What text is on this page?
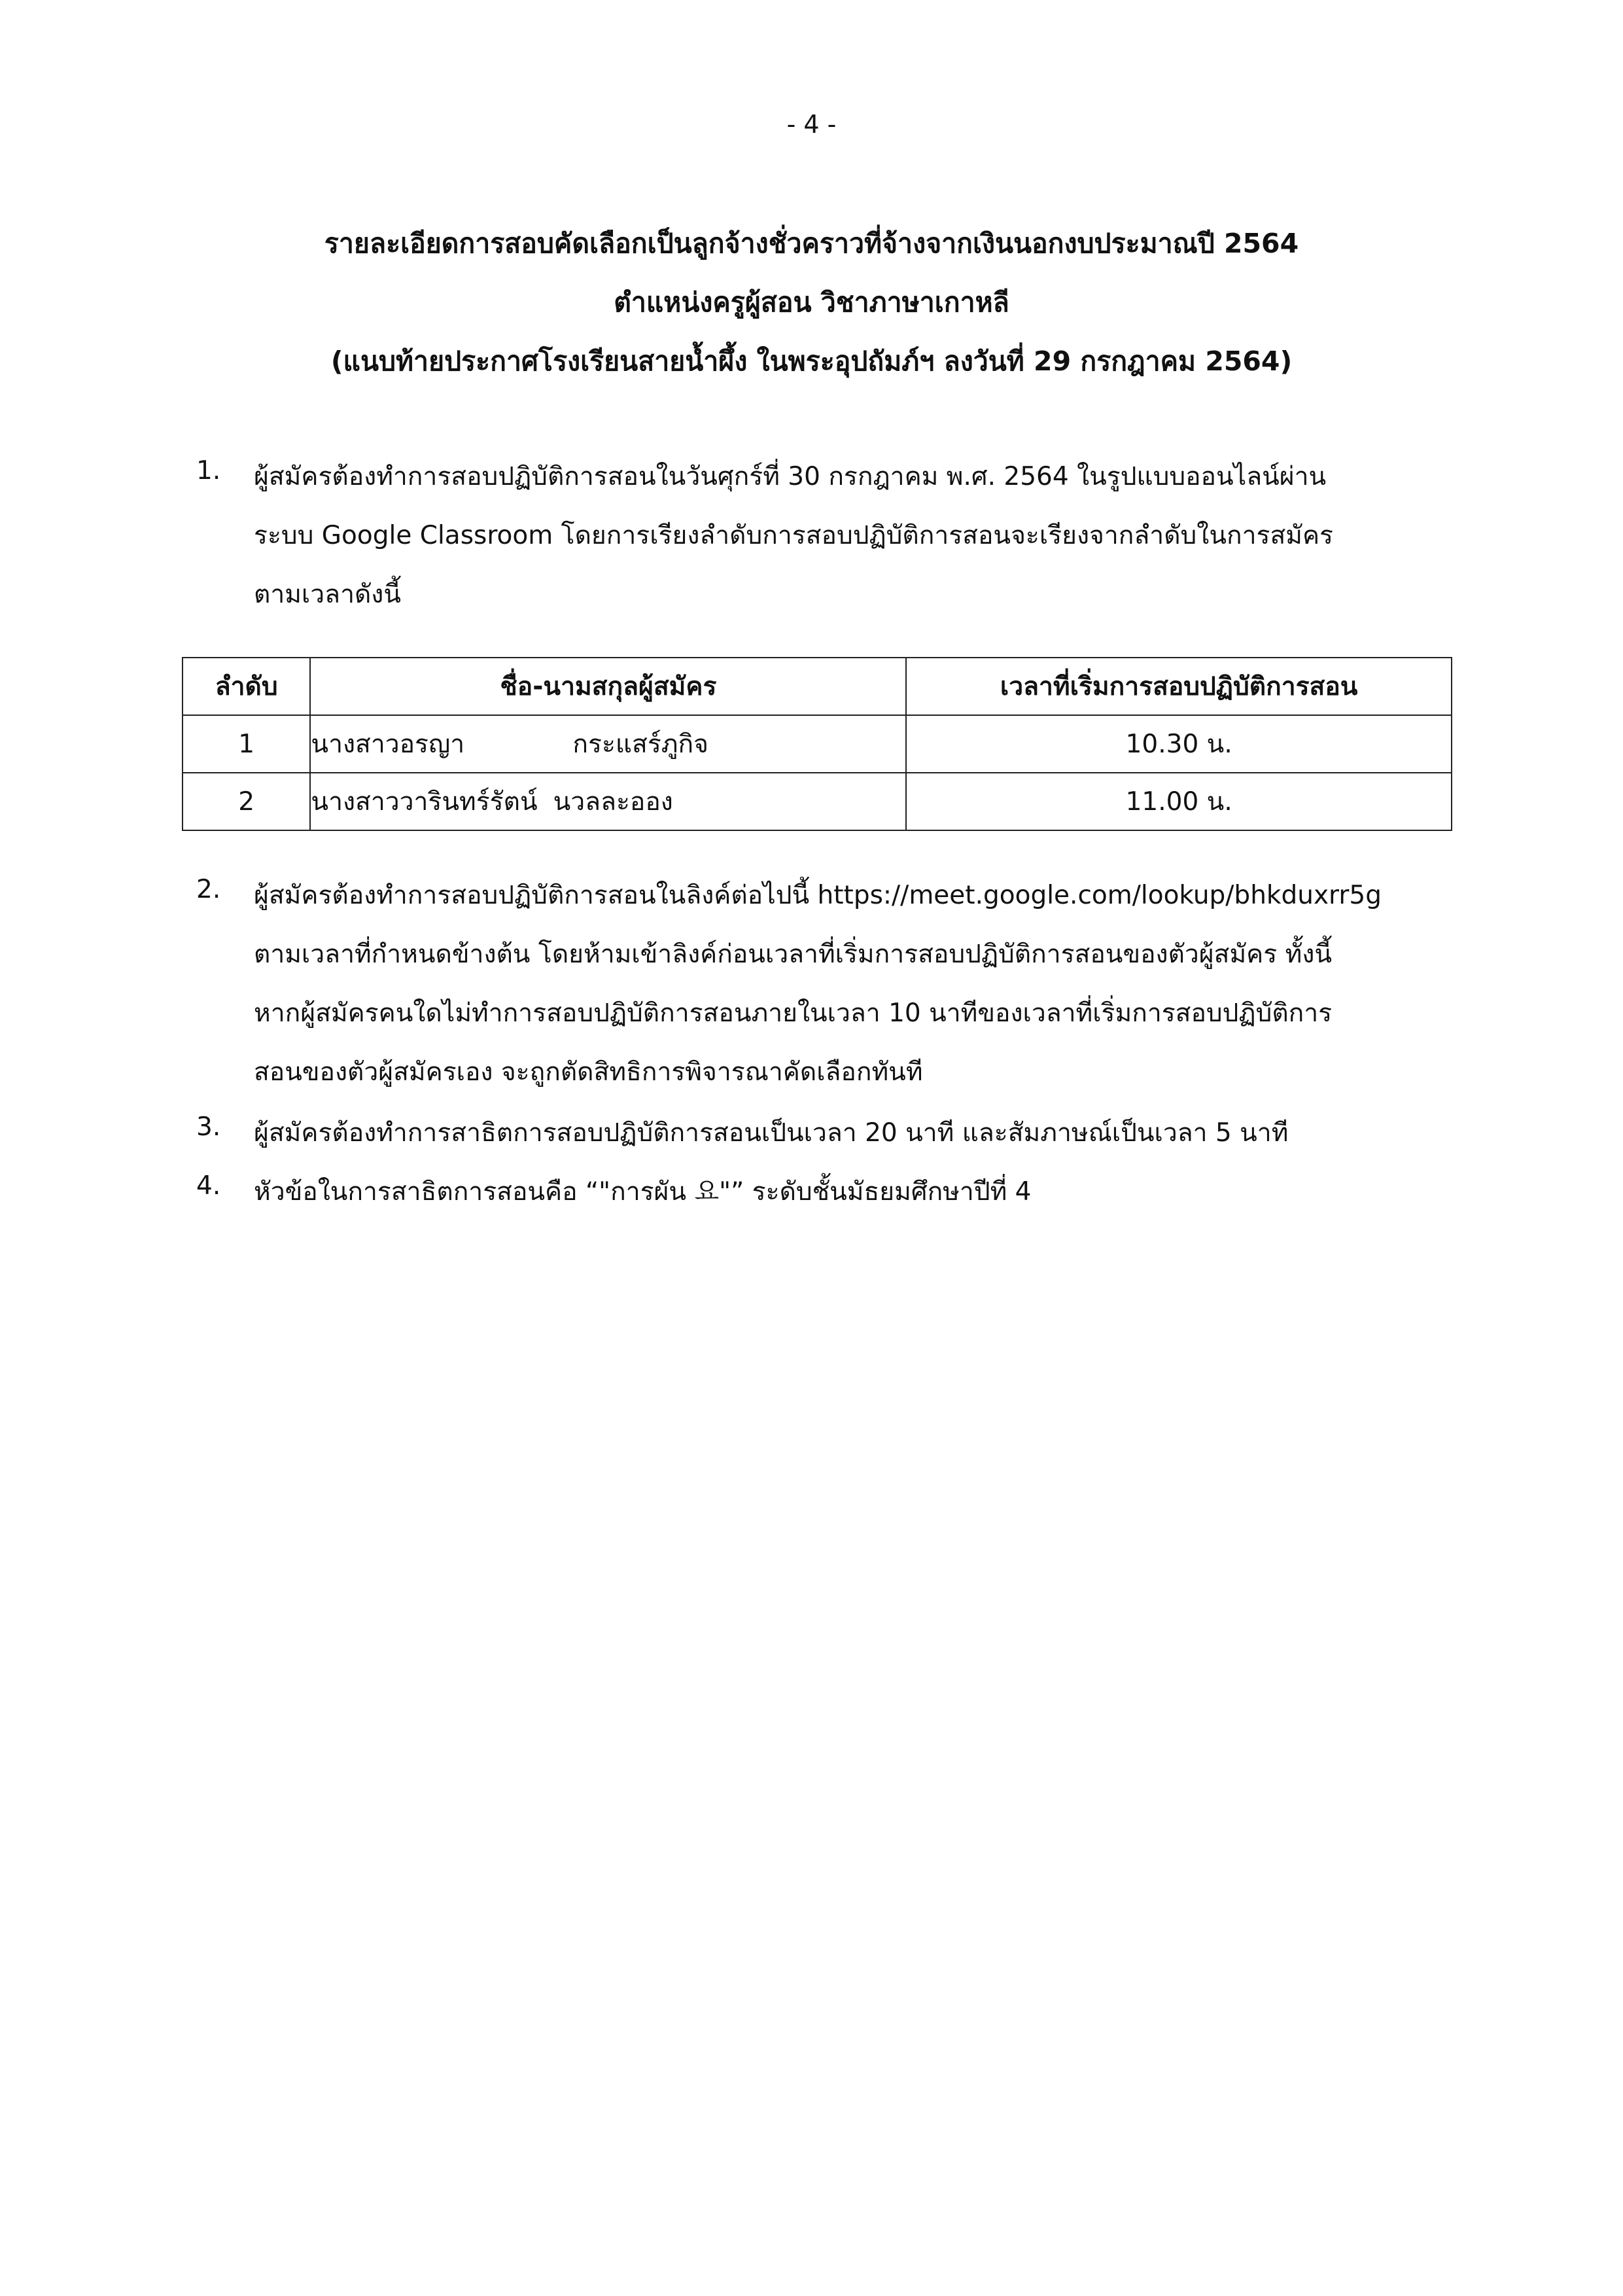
- 4 -
รายละเอียดการสอบคัดเลือกเป็นลูกจ้างชั่วคราวที่จ้างจากเงินนอกงบประมาณปี 2564
ตำแหน่งครูผู้สอน วิชาภาษาเกาหลี
(แนบท้ายประกาศโรงเรียนสายน้ำผึ้ง ในพระอุปถัมภ์ฯ ลงวันที่ 29 กรกฎาคม 2564)
1. ผู้สมัครต้องทำการสอบปฏิบัติการสอนในวันศุกร์ที่ 30 กรกฎาคม พ.ศ. 2564 ในรูปแบบออนไลน์ผ่าน
ระบบ Google Classroom โดยการเรียงลำดับการสอบปฏิบัติการสอนจะเรียงจากลำดับในการสมัคร
ตามเวลาดังนี้
ลำดับ	ชื่อ-นามสกุลผู้สมัคร	เวลาที่เริ่มการสอบปฏิบัติการสอน
1	นางสาวอรญา กระแสร์ภูกิจ	10.30 น.
2	นางสาววารินทร์รัตน์ นวลละออง	11.00 น.
2. ผู้สมัครต้องทำการสอบปฏิบัติการสอนในลิงค์ต่อไปนี้ https://meet.google.com/lookup/bhkduxrr5g
ตามเวลาที่กำหนดข้างต้น โดยห้ามเข้าลิงค์ก่อนเวลาที่เริ่มการสอบปฏิบัติการสอนของตัวผู้สมัคร ทั้งนี้
หากผู้สมัครคนใดไม่ทำการสอบปฏิบัติการสอนภายในเวลา 10 นาทีของเวลาที่เริ่มการสอบปฏิบัติการ
สอนของตัวผู้สมัครเอง จะถูกตัดสิทธิการพิจารณาคัดเลือกทันที
3. ผู้สมัครต้องทำการสาธิตการสอบปฏิบัติการสอนเป็นเวลา 20 นาที และสัมภาษณ์เป็นเวลา 5 นาที
4. หัวข้อในการสาธิตการสอนคือ “"การผัน 요"” ระดับชั้นมัธยมศึกษาปีที่ 4
